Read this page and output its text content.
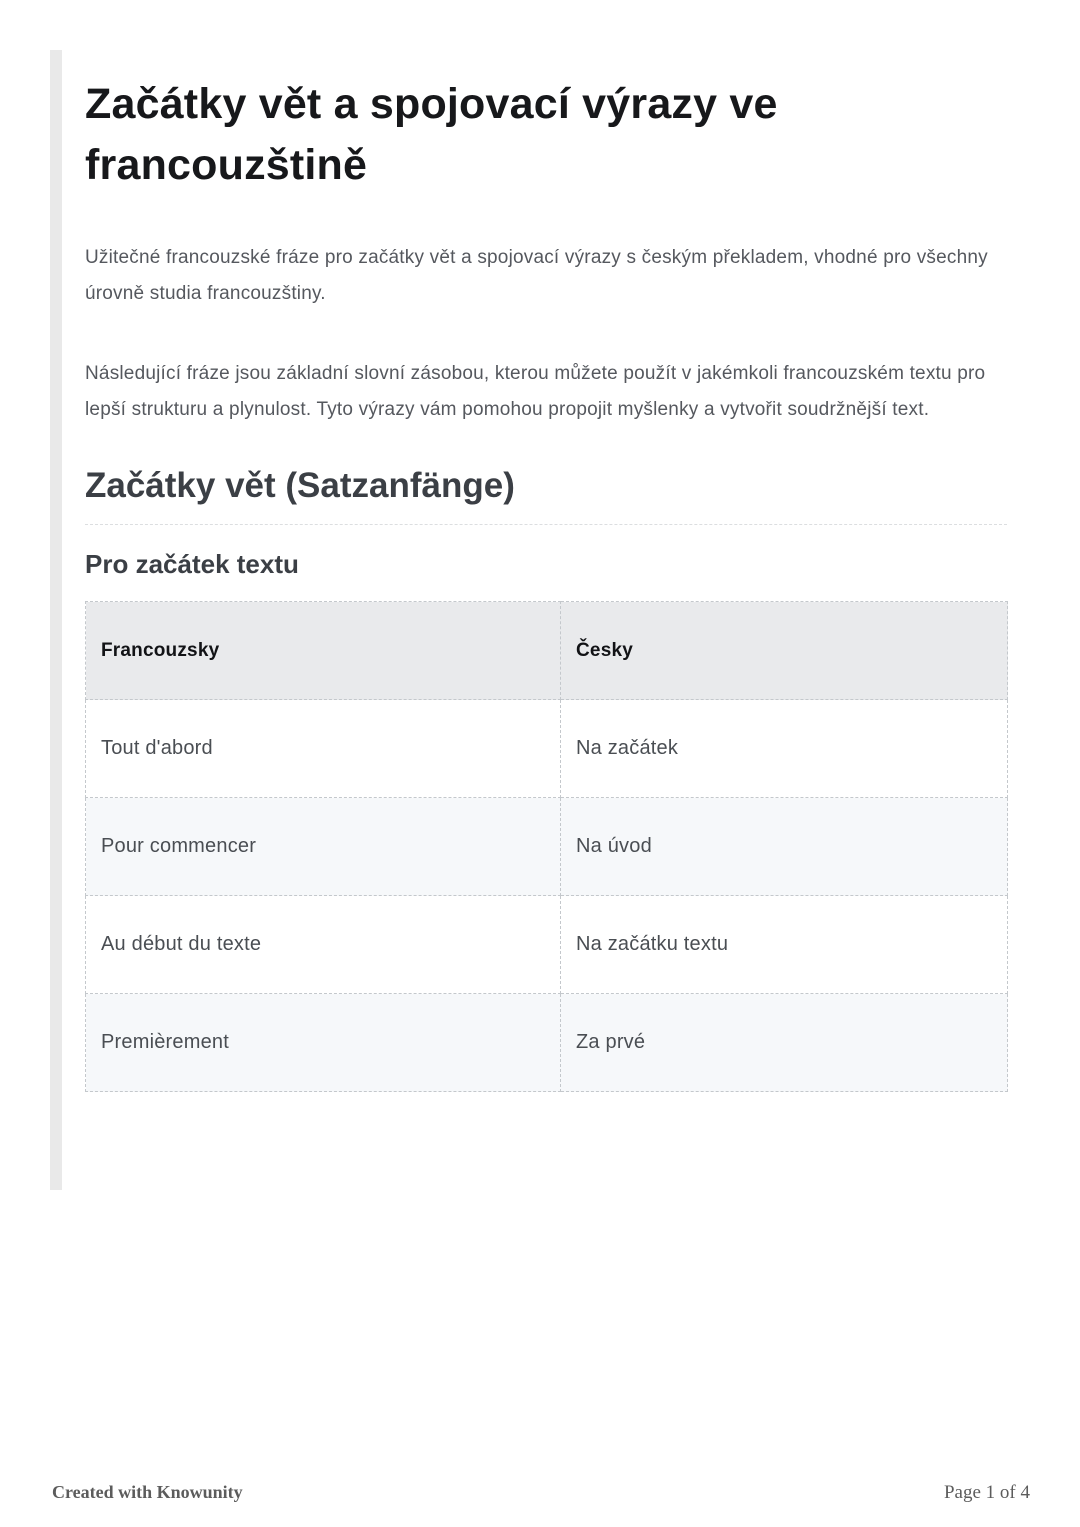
Začátky vět a spojovací výrazy ve francouzštině

Užitečné francouzské fráze pro začátky vět a spojovací výrazy s českým překladem, vhodné pro všechny úrovně studia francouzštiny.

Následující fráze jsou základní slovní zásobou, kterou můžete použít v jakémkoli francouzském textu pro lepší strukturu a plynulost. Tyto výrazy vám pomohou propojit myšlenky a vytvořit soudržnější text.

Začátky vět (Satzanfänge)
Pro začátek textu
Francouzsky	Česky
Tout d'abord	Na začátek
Pour commencer	Na úvod
Au début du texte	Na začátku textu
Premièrement	Za prvé
Created with Knowunity	Page 1 of 4
